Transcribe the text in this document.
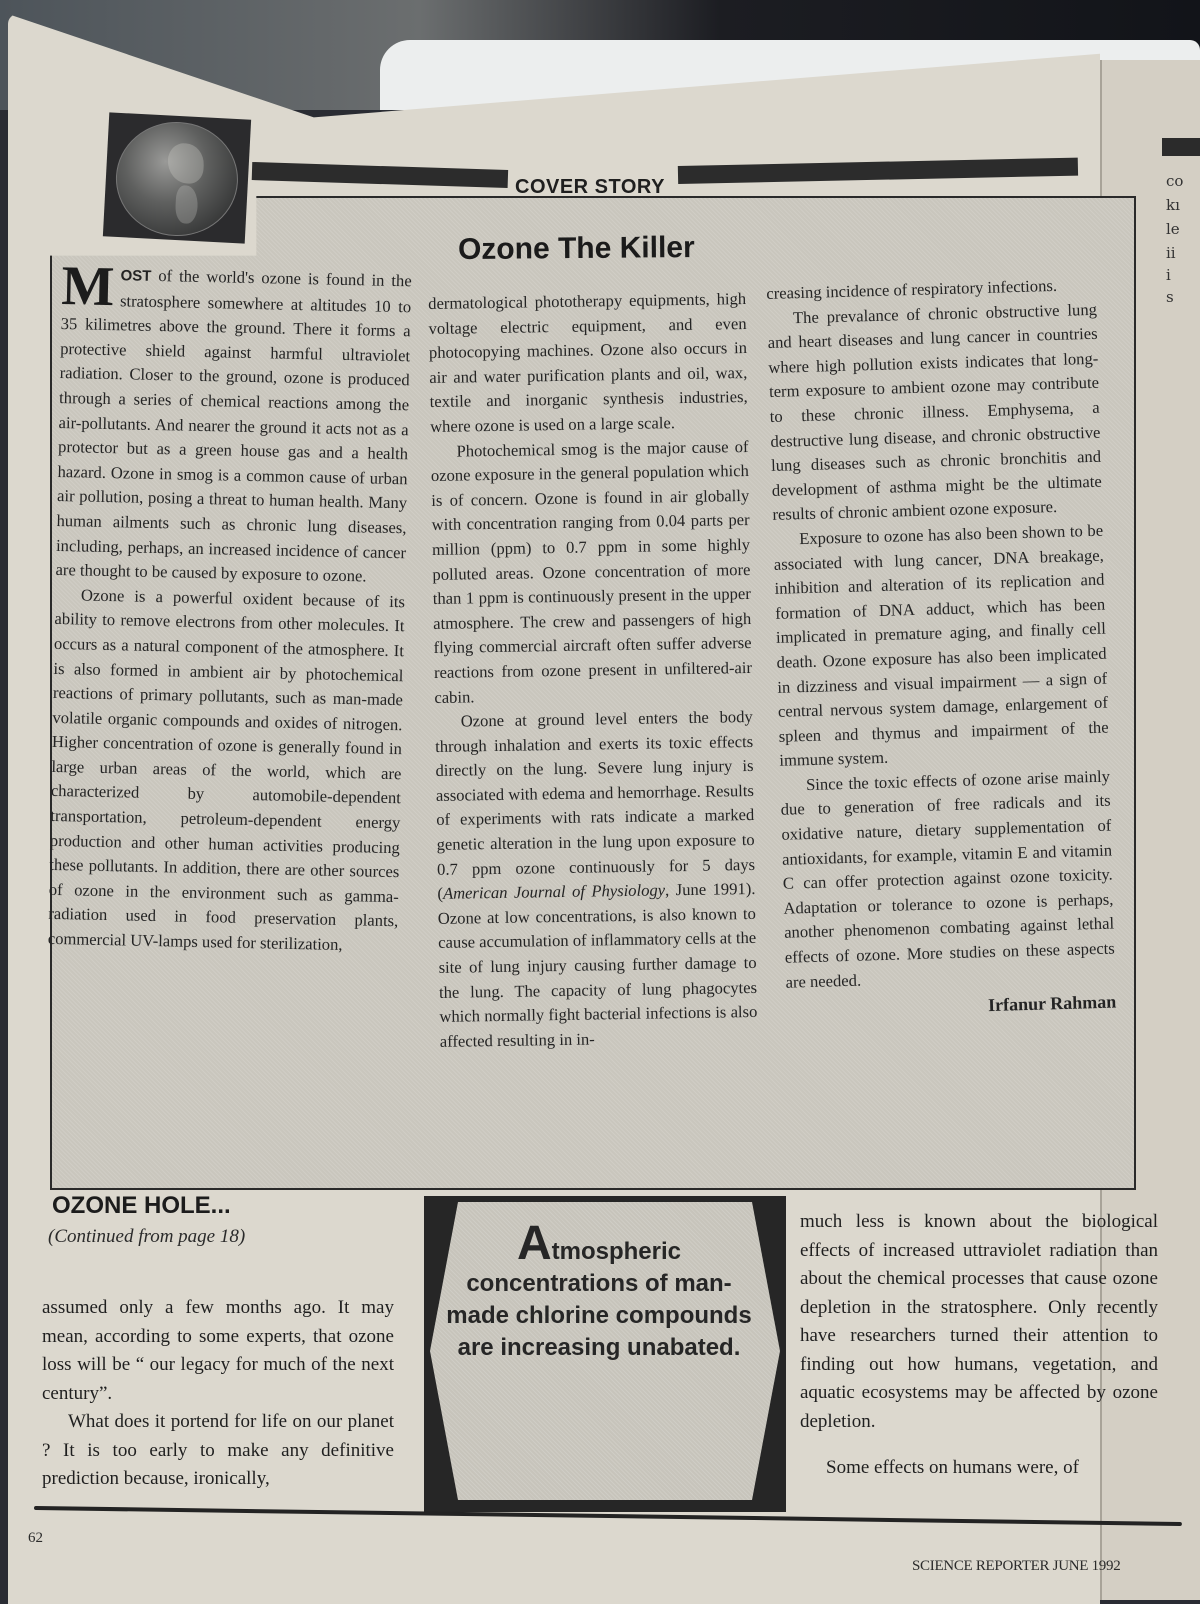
co
kı
le
ii
i
s
COVER STORY
Ozone The Killer

MOST of the world's ozone is found in the stratosphere somewhere at altitudes 10 to 35 kilimetres above the ground. There it forms a protective shield against harmful ultraviolet radiation. Closer to the ground, ozone is produced through a series of chemical reactions among the air-pollutants. And nearer the ground it acts not as a protector but as a green house gas and a health hazard. Ozone in smog is a common cause of urban air pollution, posing a threat to human health. Many human ailments such as chronic lung diseases, including, perhaps, an increased incidence of cancer are thought to be caused by exposure to ozone.

Ozone is a powerful oxident because of its ability to remove electrons from other molecules. It occurs as a natural component of the atmosphere. It is also formed in ambient air by photochemical reactions of primary pollutants, such as man-made volatile organic compounds and oxides of nitrogen. Higher concentration of ozone is generally found in large urban areas of the world, which are characterized by automobile-dependent transportation, petroleum-dependent energy production and other human activities producing these pollutants. In addition, there are other sources of ozone in the environment such as gamma-radiation used in food preservation plants, commercial UV-lamps used for sterilization,

dermatological phototherapy equipments, high voltage electric equipment, and even photocopying machines. Ozone also occurs in air and water purification plants and oil, wax, textile and inorganic synthesis industries, where ozone is used on a large scale.

Photochemical smog is the major cause of ozone exposure in the general population which is of concern. Ozone is found in air globally with concentration ranging from 0.04 parts per million (ppm) to 0.7 ppm in some highly polluted areas. Ozone concentration of more than 1 ppm is continuously present in the upper atmosphere. The crew and passengers of high flying commercial aircraft often suffer adverse reactions from ozone present in unfiltered-air cabin.

Ozone at ground level enters the body through inhalation and exerts its toxic effects directly on the lung. Severe lung injury is associated with edema and hemorrhage. Results of experiments with rats indicate a marked genetic alteration in the lung upon exposure to 0.7 ppm ozone continuously for 5 days (American Journal of Physiology, June 1991). Ozone at low concentrations, is also known to cause accumulation of inflammatory cells at the site of lung injury causing further damage to the lung. The capacity of lung phagocytes which normally fight bacterial infections is also affected resulting in in-

creasing incidence of respiratory infections.

The prevalance of chronic obstructive lung and heart diseases and lung cancer in countries where high pollution exists indicates that long-term exposure to ambient ozone may contribute to these chronic illness. Emphysema, a destructive lung disease, and chronic obstructive lung diseases such as chronic bronchitis and development of asthma might be the ultimate results of chronic ambient ozone exposure.

Exposure to ozone has also been shown to be associated with lung cancer, DNA breakage, inhibition and alteration of its replication and formation of DNA adduct, which has been implicated in premature aging, and finally cell death. Ozone exposure has also been implicated in dizziness and visual impairment — a sign of central nervous system damage, enlargement of spleen and thymus and impairment of the immune system.

Since the toxic effects of ozone arise mainly due to generation of free radicals and its oxidative nature, dietary supplementation of antioxidants, for example, vitamin E and vitamin C can offer protection against ozone toxicity. Adaptation or tolerance to ozone is perhaps, another phenomenon combating against lethal effects of ozone. More studies on these aspects are needed.

Irfanur Rahman
OZONE HOLE...
(Continued from page 18)

assumed only a few months ago. It may mean, according to some experts, that ozone loss will be “ our legacy for much of the next century”.

What does it portend for life on our planet ? It is too early to make any definitive prediction because, ironically,

Atmospheric concentrations of man-made chlorine compounds are increasing unabated.

much less is known about the biological effects of increased uttraviolet radiation than about the chemical processes that cause ozone depletion in the stratosphere. Only recently have researchers turned their attention to finding out how humans, vegetation, and aquatic ecosystems may be affected by ozone depletion.

Some effects on humans were, of

62
SCIENCE REPORTER JUNE 1992
